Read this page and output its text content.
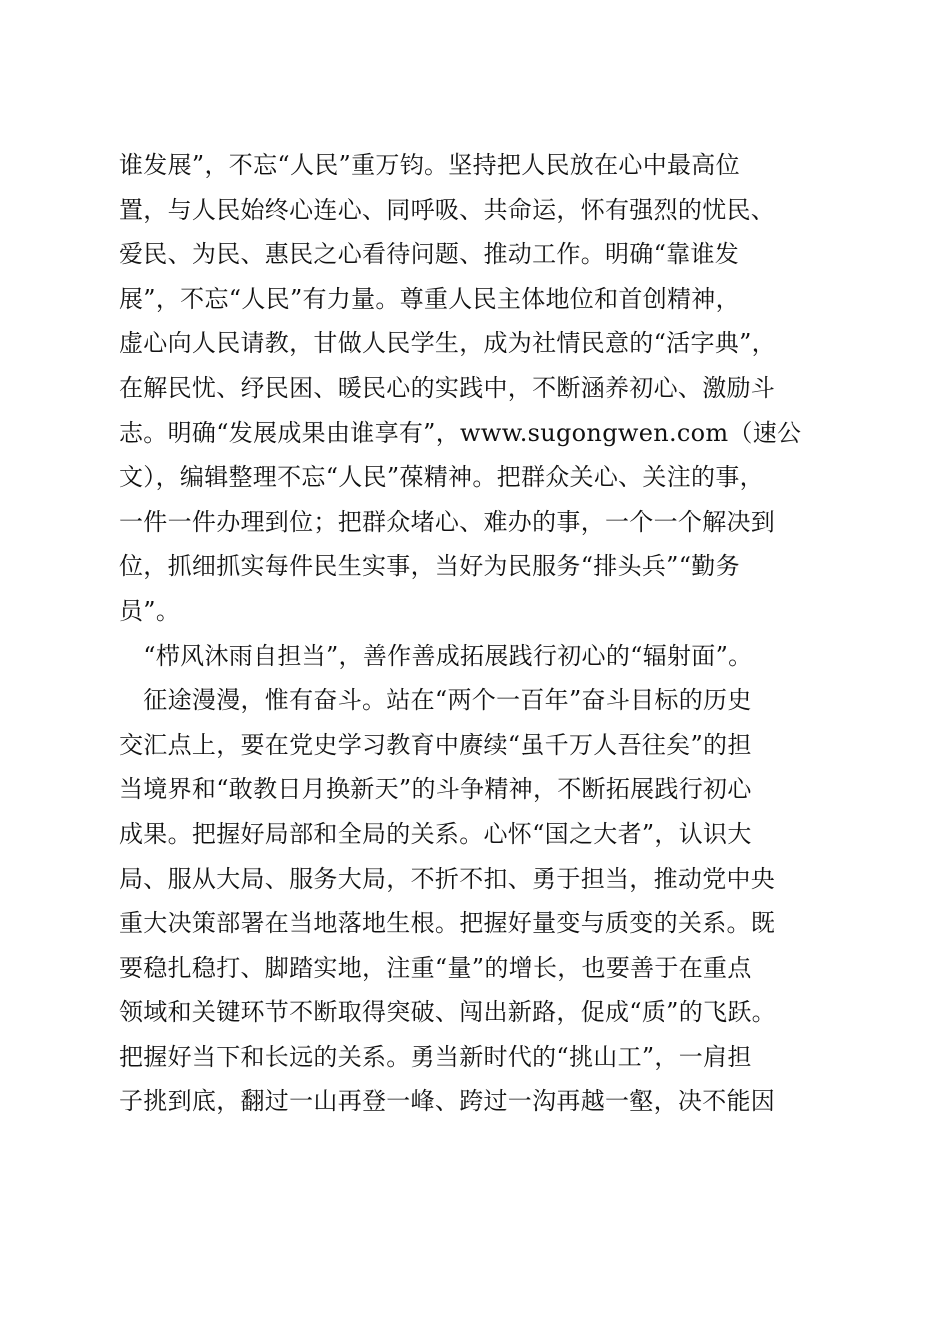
谁发展”，不忘“人民”重万钧。坚持把人民放在心中最高位
置，与人民始终心连心、同呼吸、共命运，怀有强烈的忧民、
爱民、为民、惠民之心看待问题、推动工作。明确“靠谁发
展”，不忘“人民”有力量。尊重人民主体地位和首创精神，
虚心向人民请教，甘做人民学生，成为社情民意的“活字典”，
在解民忧、纾民困、暖民心的实践中，不断涵养初心、激励斗
志。明确“发展成果由谁享有”，www.sugongwen.com（速公
文），编辑整理不忘“人民”葆精神。把群众关心、关注的事，
一件一件办理到位；把群众堵心、难办的事，一个一个解决到
位，抓细抓实每件民生实事，当好为民服务“排头兵”“勤务
员”。
　“栉风沐雨自担当”，善作善成拓展践行初心的“辐射面”。
　征途漫漫，惟有奋斗。站在“两个一百年”奋斗目标的历史
交汇点上，要在党史学习教育中赓续“虽千万人吾往矣”的担
当境界和“敢教日月换新天”的斗争精神，不断拓展践行初心
成果。把握好局部和全局的关系。心怀“国之大者”，认识大
局、服从大局、服务大局，不折不扣、勇于担当，推动党中央
重大决策部署在当地落地生根。把握好量变与质变的关系。既
要稳扎稳打、脚踏实地，注重“量”的增长，也要善于在重点
领域和关键环节不断取得突破、闯出新路，促成“质”的飞跃。
把握好当下和长远的关系。勇当新时代的“挑山工”，一肩担
子挑到底，翻过一山再登一峰、跨过一沟再越一壑，决不能因
